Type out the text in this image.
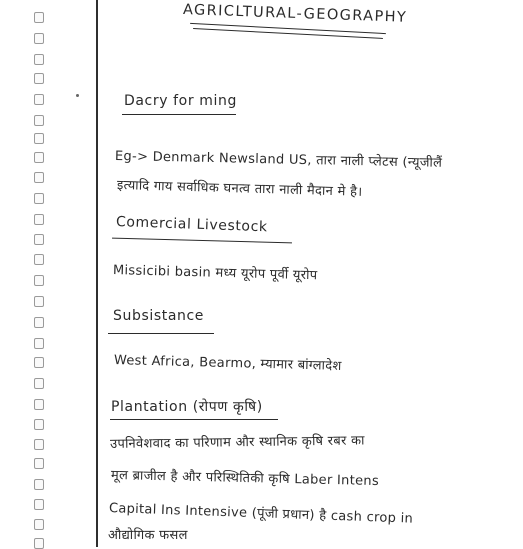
AGRICLTURAL-GEOGRAPHY
Dacry for ming
Eg-> Denmark Newsland US, तारा नाली प्लेटस (न्यूजीलैं
इत्यादि गाय सर्वाधिक घनत्व तारा नाली मैदान मे है।
Comercial Livestock
Missicibi basin मध्य यूरोप पूर्वी यूरोप
Subsistance
West Africa, Bearmo, म्यामार बांग्लादेश
Plantation (रोपण कृषि)
उपनिवेशवाद का परिणाम और स्थानिक कृषि रबर का
मूल ब्राजील है और परिस्थितिकी कृषि Laber Intens
Capital Ins Intensive (पूंजी प्रधान) है cash crop in
औद्योगिक फसल
